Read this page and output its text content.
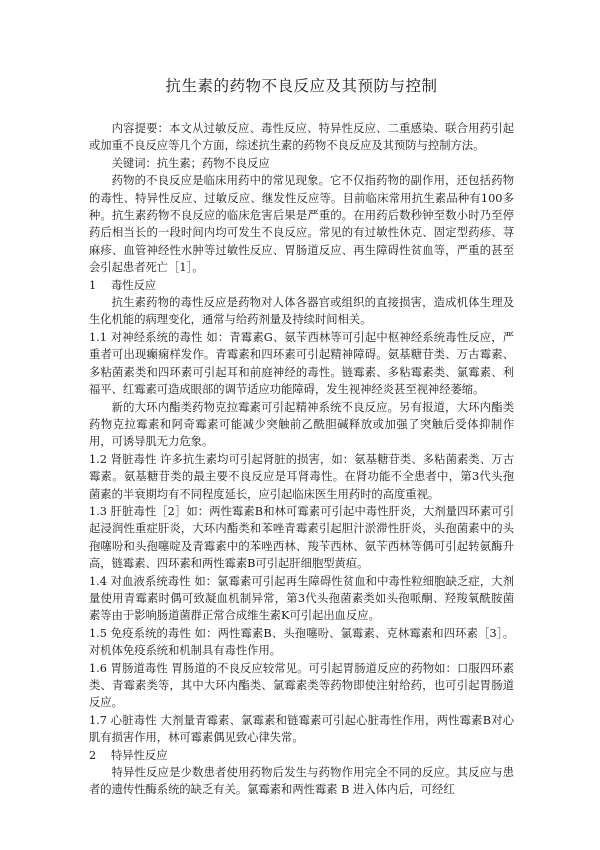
抗生素的药物不良反应及其预防与控制

内容提要：本文从过敏反应、毒性反应、特异性反应、二重感染、联合用药引起或加重不良反应等几个方面，综述抗生素的药物不良反应及其预防与控制方法。

关键词：抗生素；药物不良反应

药物的不良反应是临床用药中的常见现象。它不仅指药物的副作用，还包括药物的毒性、特异性反应、过敏反应、继发性反应等。目前临床常用抗生素品种有100多种。抗生素药物不良反应的临床危害后果是严重的。在用药后数秒钟至数小时乃至停药后相当长的一段时间内均可发生不良反应。常见的有过敏性休克、固定型药疹、荨麻疹、血管神经性水肿等过敏性反应、胃肠道反应、再生障碍性贫血等，严重的甚至会引起患者死亡［1］。

1 毒性反应

抗生素药物的毒性反应是药物对人体各器官或组织的直接损害，造成机体生理及生化机能的病理变化，通常与给药剂量及持续时间相关。

1.1 对神经系统的毒性 如：青霉素G、氨苄西林等可引起中枢神经系统毒性反应，严重者可出现癫痫样发作。青霉素和四环素可引起精神障碍。氨基糖苷类、万古霉素、多粘菌素类和四环素可引起耳和前庭神经的毒性。链霉素、多粘霉素类、氯霉素、利福平、红霉素可造成眼部的调节适应功能障碍，发生视神经炎甚至视神经萎缩。

新的大环内酯类药物克拉霉素可引起精神系统不良反应。另有报道，大环内酯类药物克拉霉素和阿奇霉素可能减少突触前乙酰胆碱释放或加强了突触后受体抑制作用，可诱导肌无力危象。

1.2 肾脏毒性 许多抗生素均可引起肾脏的损害，如：氨基糖苷类、多粘菌素类、万古霉素。氨基糖苷类的最主要不良反应是耳肾毒性。在肾功能不全患者中，第3代头孢菌素的半衰期均有不同程度延长，应引起临床医生用药时的高度重视。

1.3 肝脏毒性［2］如：两性霉素B和林可霉素可引起中毒性肝炎，大剂量四环素可引起浸润性重症肝炎，大环内酯类和苯唑青霉素引起胆汁淤滞性肝炎，头孢菌素中的头孢噻吩和头孢噻啶及青霉素中的苯唑西林、羧苄西林、氨苄西林等偶可引起转氨酶升高，链霉素、四环素和两性霉素B可引起肝细胞型黄疸。

1.4 对血液系统毒性 如：氯霉素可引起再生障碍性贫血和中毒性粒细胞缺乏症，大剂量使用青霉素时偶可致凝血机制异常，第3代头孢菌素类如头孢哌酮、羟羧氧酰胺菌素等由于影响肠道菌群正常合成维生素K可引起出血反应。

1.5 免疫系统的毒性 如：两性霉素B、头孢噻吩、氯霉素、克林霉素和四环素［3］。对机体免疫系统和机制具有毒性作用。

1.6 胃肠道毒性 胃肠道的不良反应较常见。可引起胃肠道反应的药物如：口服四环素类、青霉素类等，其中大环内酯类、氯霉素类等药物即使注射给药，也可引起胃肠道反应。

1.7 心脏毒性 大剂量青霉素、氯霉素和链霉素可引起心脏毒性作用，两性霉素B对心肌有损害作用，林可霉素偶见致心律失常。

2 特异性反应

特异性反应是少数患者使用药物后发生与药物作用完全不同的反应。其反应与患者的遗传性酶系统的缺乏有关。氯霉素和两性霉素 B 进入体内后，可经红
